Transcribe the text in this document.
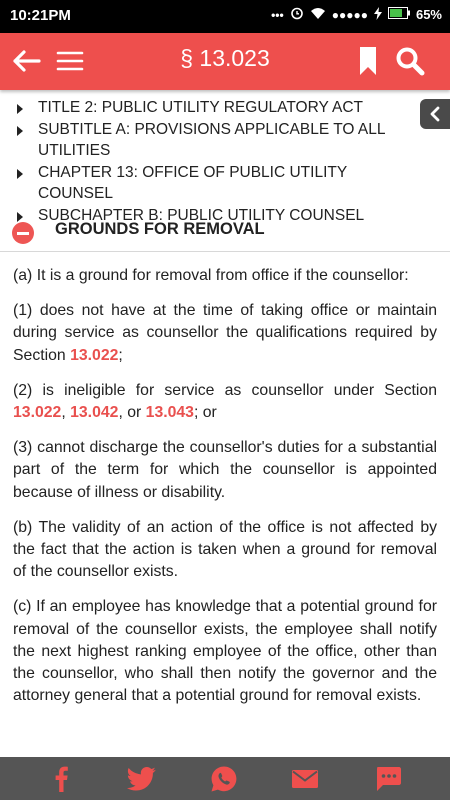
10:21PM	•••	●●●●●	65%
§ 13.023
TITLE 2: PUBLIC UTILITY REGULATORY ACT
SUBTITLE A: PROVISIONS APPLICABLE TO ALL UTILITIES
CHAPTER 13: OFFICE OF PUBLIC UTILITY COUNSEL
SUBCHAPTER B: PUBLIC UTILITY COUNSEL
GROUNDS FOR REMOVAL

(a) It is a ground for removal from office if the counsellor:

(1) does not have at the time of taking office or maintain during service as counsellor the qualifications required by Section 13.022;

(2) is ineligible for service as counsellor under Section 13.022, 13.042, or 13.043; or

(3) cannot discharge the counsellor's duties for a substantial part of the term for which the counsellor is appointed because of illness or disability.

(b) The validity of an action of the office is not affected by the fact that the action is taken when a ground for removal of the counsellor exists.

(c) If an employee has knowledge that a potential ground for removal of the counsellor exists, the employee shall notify the next highest ranking employee of the office, other than the counsellor, who shall then notify the governor and the attorney general that a potential ground for removal exists.
